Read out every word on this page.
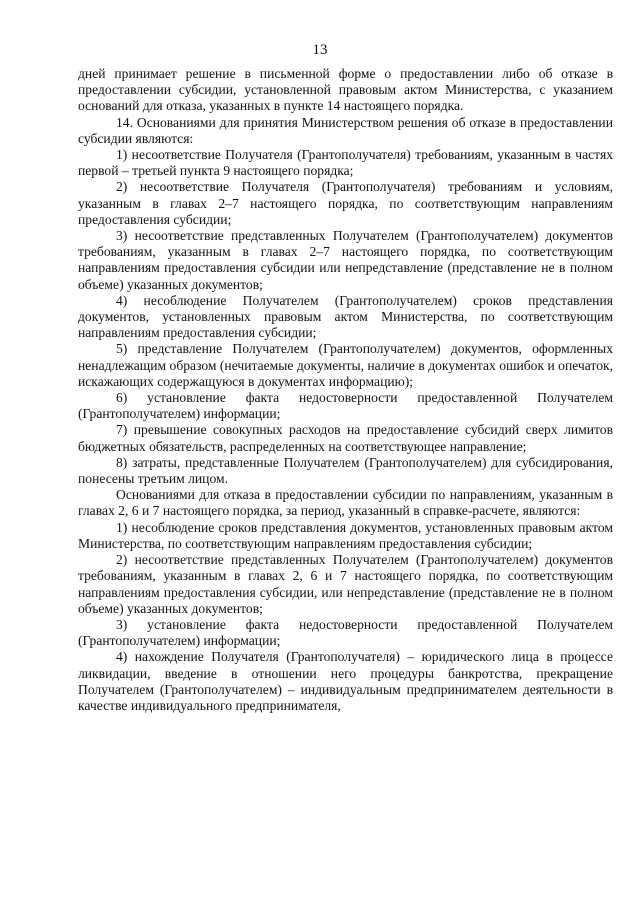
13

дней принимает решение в письменной форме о предоставлении либо об отказе в предоставлении субсидии, установленной правовым актом Министерства, с указанием оснований для отказа, указанных в пункте 14 настоящего порядка.

14. Основаниями для принятия Министерством решения об отказе в предоставлении субсидии являются:

1) несоответствие Получателя (Грантополучателя) требованиям, указанным в частях первой – третьей пункта 9 настоящего порядка;

2) несоответствие Получателя (Грантополучателя) требованиям и условиям, указанным в главах 2–7 настоящего порядка, по соответствующим направлениям предоставления субсидии;

3) несоответствие представленных Получателем (Грантополучателем) документов требованиям, указанным в главах 2–7 настоящего порядка, по соответствующим направлениям предоставления субсидии или непредставление (представление не в полном объеме) указанных документов;

4) несоблюдение Получателем (Грантополучателем) сроков представления документов, установленных правовым актом Министерства, по соответствующим направлениям предоставления субсидии;

5) представление Получателем (Грантополучателем) документов, оформленных ненадлежащим образом (нечитаемые документы, наличие в документах ошибок и опечаток, искажающих содержащуюся в документах информацию);

6) установление факта недостоверности предоставленной Получателем (Грантополучателем) информации;

7) превышение совокупных расходов на предоставление субсидий сверх лимитов бюджетных обязательств, распределенных на соответствующее направление;

8) затраты, представленные Получателем (Грантополучателем) для субсидирования, понесены третьим лицом.

Основаниями для отказа в предоставлении субсидии по направлениям, указанным в главах 2, 6 и 7 настоящего порядка, за период, указанный в справке-расчете, являются:

1) несоблюдение сроков представления документов, установленных правовым актом Министерства, по соответствующим направлениям предоставления субсидии;

2) несоответствие представленных Получателем (Грантополучателем) документов требованиям, указанным в главах 2, 6 и 7 настоящего порядка, по соответствующим направлениям предоставления субсидии, или непредставление (представление не в полном объеме) указанных документов;

3) установление факта недостоверности предоставленной Получателем (Грантополучателем) информации;

4) нахождение Получателя (Грантополучателя) – юридического лица в процессе ликвидации, введение в отношении него процедуры банкротства, прекращение Получателем (Грантополучателем) – индивидуальным предпринимателем деятельности в качестве индивидуального предпринимателя,
